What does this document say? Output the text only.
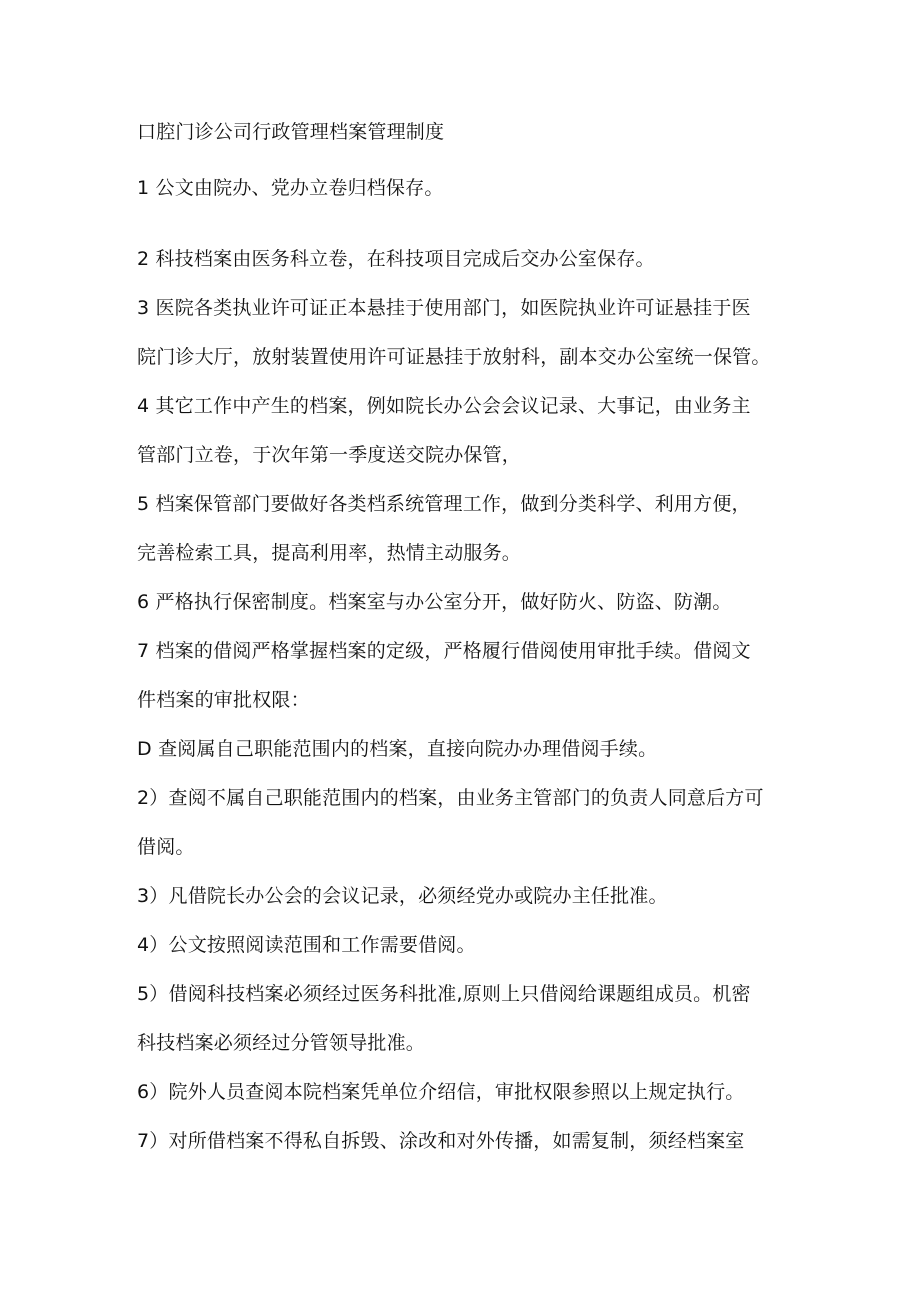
口腔门诊公司行政管理档案管理制度
1 公文由院办、党办立卷归档保存。
2 科技档案由医务科立卷，在科技项目完成后交办公室保存。
3 医院各类执业许可证正本悬挂于使用部门，如医院执业许可证悬挂于医
院门诊大厅，放射装置使用许可证悬挂于放射科，副本交办公室统一保管。
4 其它工作中产生的档案，例如院长办公会会议记录、大事记，由业务主
管部门立卷，于次年第一季度送交院办保管，
5 档案保管部门要做好各类档系统管理工作，做到分类科学、利用方便，
完善检索工具，提高利用率，热情主动服务。
6 严格执行保密制度。档案室与办公室分开，做好防火、防盗、防潮。
7 档案的借阅严格掌握档案的定级，严格履行借阅使用审批手续。借阅文
件档案的审批权限：
D 查阅属自己职能范围内的档案，直接向院办办理借阅手续。
2）查阅不属自己职能范围内的档案，由业务主管部门的负责人同意后方可
借阅。
3）凡借院长办公会的会议记录，必须经党办或院办主任批准。
4）公文按照阅读范围和工作需要借阅。
5）借阅科技档案必须经过医务科批准,原则上只借阅给课题组成员。机密
科技档案必须经过分管领导批准。
6）院外人员查阅本院档案凭单位介绍信，审批权限参照以上规定执行。
7）对所借档案不得私自拆毁、涂改和对外传播，如需复制，须经档案室
